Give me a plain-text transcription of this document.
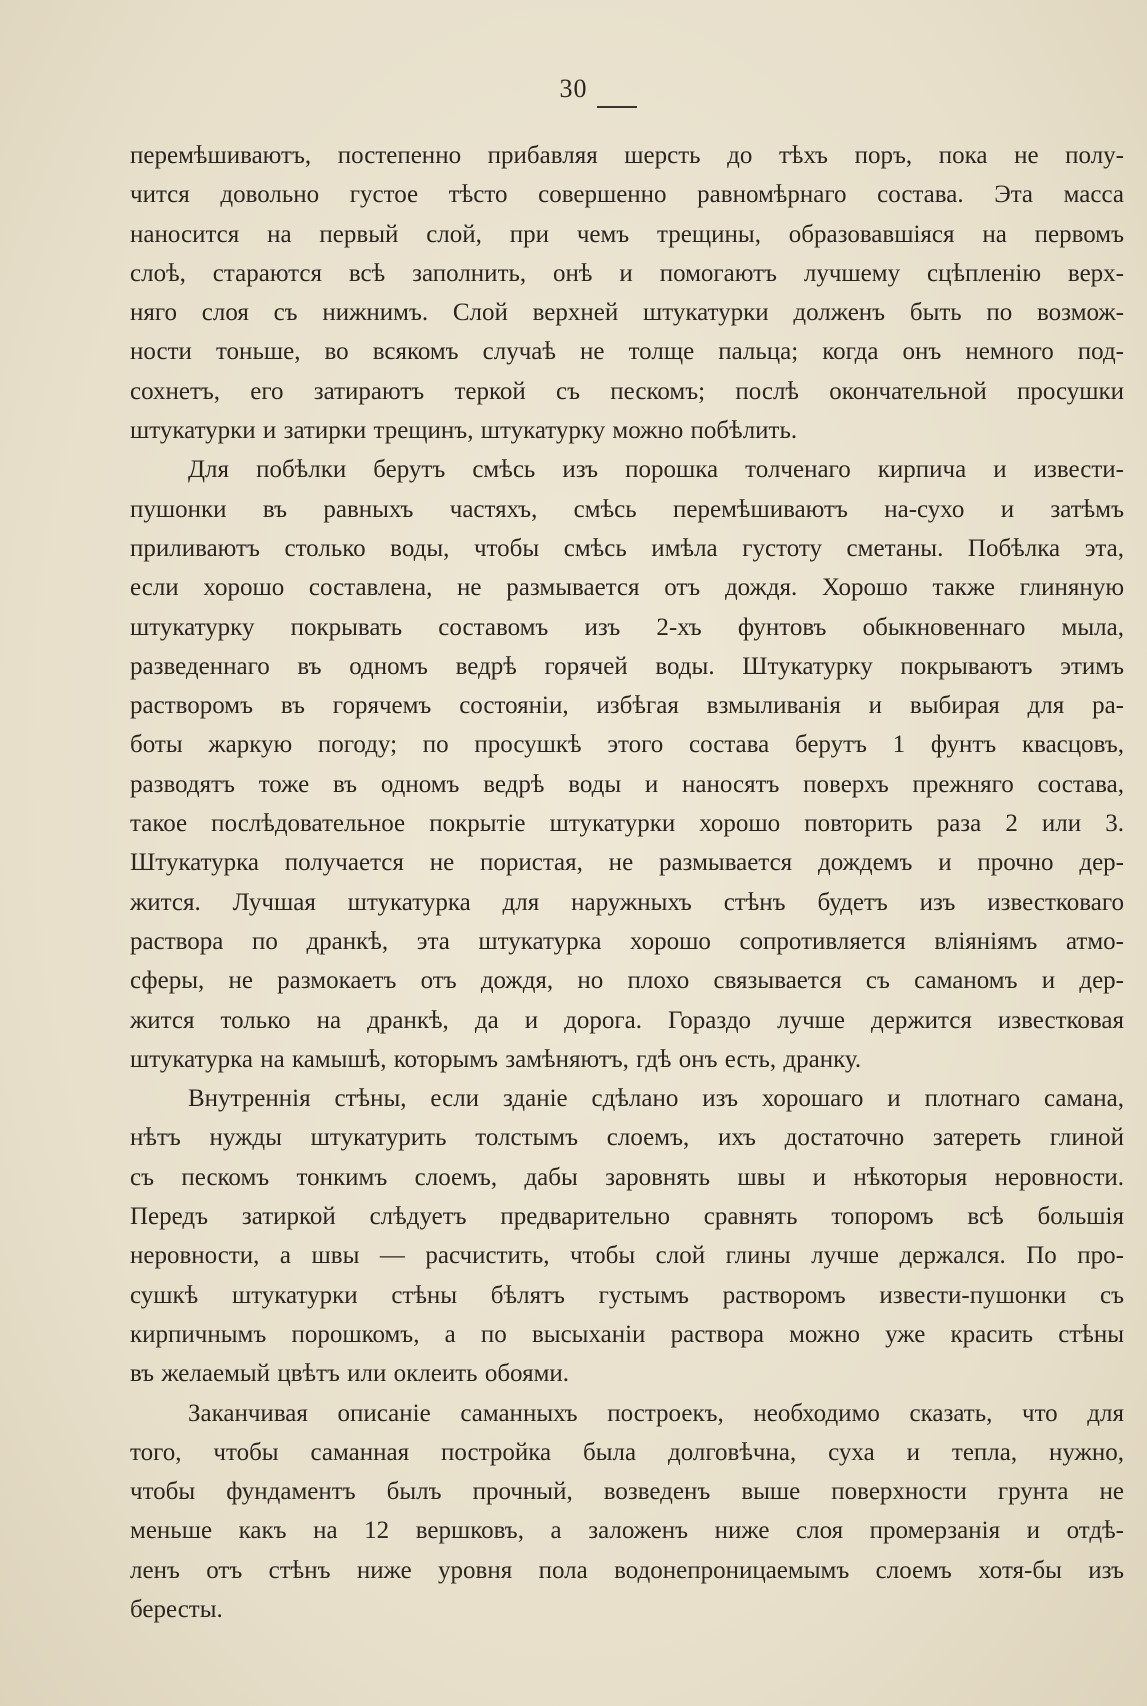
30

перемѣшиваютъ, постепенно прибавляя шерсть до тѣхъ поръ, пока не полу-

чится довольно густое тѣсто совершенно равномѣрнаго состава. Эта масса

наносится на первый слой, при чемъ трещины, образовавшіяся на первомъ

слоѣ, стараются всѣ заполнить, онѣ и помогаютъ лучшему сцѣпленію верх-

няго слоя съ нижнимъ. Слой верхней штукатурки долженъ быть по возмож-

ности тоньше, во всякомъ случаѣ не толще пальца; когда онъ немного под-

сохнетъ, его затираютъ теркой съ пескомъ; послѣ окончательной просушки

штукатурки и затирки трещинъ, штукатурку можно побѣлить.

Для побѣлки берутъ смѣсь изъ порошка толченаго кирпича и извести-

пушонки въ равныхъ частяхъ, смѣсь перемѣшиваютъ на-сухо и затѣмъ

приливаютъ столько воды, чтобы смѣсь имѣла густоту сметаны. Побѣлка эта,

если хорошо составлена, не размывается отъ дождя. Хорошо также глиняную

штукатурку покрывать составомъ изъ 2-хъ фунтовъ обыкновеннаго мыла,

разведеннаго въ одномъ ведрѣ горячей воды. Штукатурку покрываютъ этимъ

растворомъ въ горячемъ состояніи, избѣгая взмыливанія и выбирая для ра-

боты жаркую погоду; по просушкѣ этого состава берутъ 1 фунтъ квасцовъ,

разводятъ тоже въ одномъ ведрѣ воды и наносятъ поверхъ прежняго состава,

такое послѣдовательное покрытіе штукатурки хорошо повторить раза 2 или 3.

Штукатурка получается не пористая, не размывается дождемъ и прочно дер-

жится. Лучшая штукатурка для наружныхъ стѣнъ будетъ изъ известковаго

раствора по дранкѣ, эта штукатурка хорошо сопротивляется вліяніямъ атмо-

сферы, не размокаетъ отъ дождя, но плохо связывается съ саманомъ и дер-

жится только на дранкѣ, да и дорога. Гораздо лучше держится известковая

штукатурка на камышѣ, которымъ замѣняютъ, гдѣ онъ есть, дранку.

Внутреннія стѣны, если зданіе сдѣлано изъ хорошаго и плотнаго самана,

нѣтъ нужды штукатурить толстымъ слоемъ, ихъ достаточно затереть глиной

съ пескомъ тонкимъ слоемъ, дабы заровнять швы и нѣкоторыя неровности.

Передъ затиркой слѣдуетъ предварительно сравнять топоромъ всѣ большія

неровности, а швы — расчистить, чтобы слой глины лучше держался. По про-

сушкѣ штукатурки стѣны бѣлятъ густымъ растворомъ извести-пушонки съ

кирпичнымъ порошкомъ, а по высыханіи раствора можно уже красить стѣны

въ желаемый цвѣтъ или оклеить обоями.

Заканчивая описаніе саманныхъ построекъ, необходимо сказать, что для

того, чтобы саманная постройка была долговѣчна, суха и тепла, нужно,

чтобы фундаментъ былъ прочный, возведенъ выше поверхности грунта не

меньше какъ на 12 вершковъ, а заложенъ ниже слоя промерзанія и отдѣ-

ленъ отъ стѣнъ ниже уровня пола водонепроницаемымъ слоемъ хотя-бы изъ

бересты.
